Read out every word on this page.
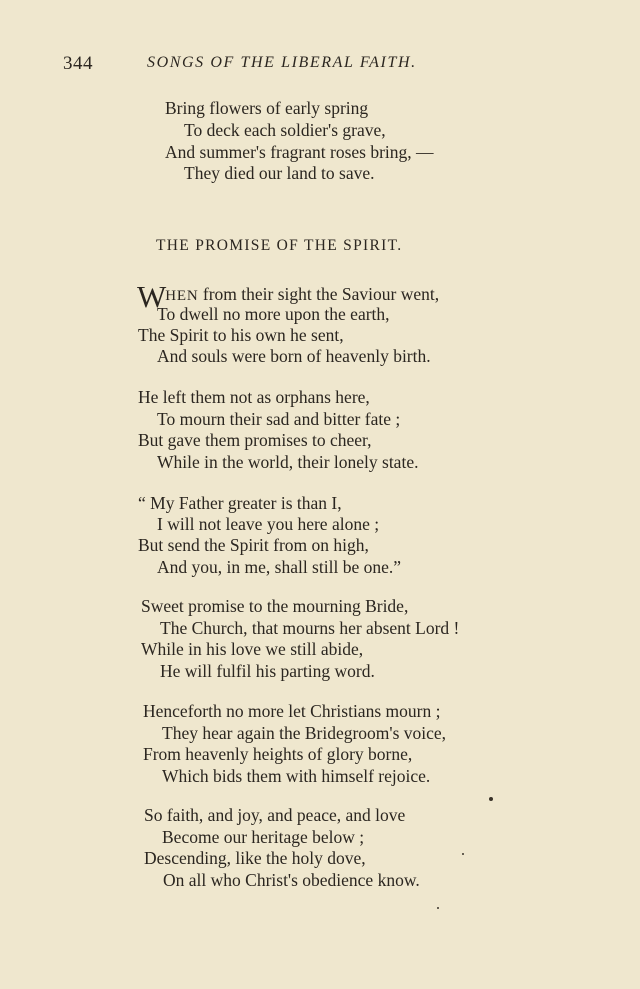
344	SONGS OF THE LIBERAL FAITH.
Bring flowers of early spring
To deck each soldier's grave,
And summer's fragrant roses bring, —
They died our land to save.
THE PROMISE OF THE SPIRIT.
WHEN from their sight the Saviour went,
To dwell no more upon the earth,
The Spirit to his own he sent,
And souls were born of heavenly birth.
He left them not as orphans here,
To mourn their sad and bitter fate ;
But gave them promises to cheer,
While in the world, their lonely state.
“ My Father greater is than I,
I will not leave you here alone ;
But send the Spirit from on high,
And you, in me, shall still be one.”
Sweet promise to the mourning Bride,
The Church, that mourns her absent Lord !
While in his love we still abide,
He will fulfil his parting word.
Henceforth no more let Christians mourn ;
They hear again the Bridegroom's voice,
From heavenly heights of glory borne,
Which bids them with himself rejoice.
So faith, and joy, and peace, and love
Become our heritage below ;
Descending, like the holy dove,
On all who Christ's obedience know.
